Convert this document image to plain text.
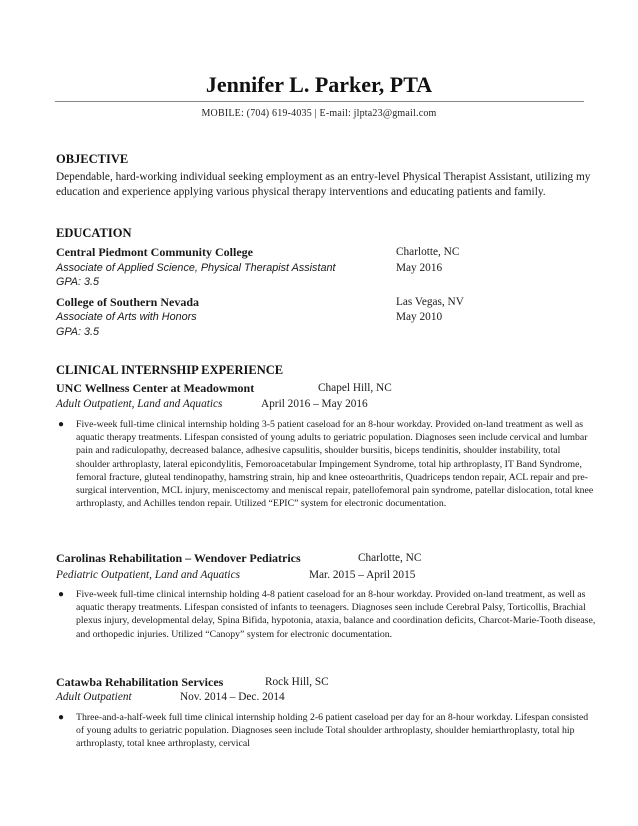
Jennifer L. Parker, PTA
MOBILE: (704) 619-4035 | E-mail: jlpta23@gmail.com
OBJECTIVE
Dependable, hard-working individual seeking employment as an entry-level Physical Therapist Assistant, utilizing my education and experience applying various physical therapy interventions and educating patients and family.
EDUCATION
Central Piedmont Community College	Charlotte, NC
Associate of Applied Science, Physical Therapist Assistant	May 2016
GPA: 3.5
College of Southern Nevada	Las Vegas, NV
Associate of Arts with Honors	May 2010
GPA: 3.5
CLINICAL INTERNSHIP EXPERIENCE
UNC Wellness Center at Meadowmont	Chapel Hill, NC
Adult Outpatient, Land and Aquatics	April 2016 – May 2016
● Five-week full-time clinical internship holding 3-5 patient caseload for an 8-hour workday. Provided on-land treatment as well as aquatic therapy treatments. Lifespan consisted of young adults to geriatric population. Diagnoses seen include cervical and lumbar pain and radiculopathy, decreased balance, adhesive capsulitis, shoulder bursitis, biceps tendinitis, shoulder instability, total shoulder arthroplasty, lateral epicondylitis, Femoroacetabular Impingement Syndrome, total hip arthroplasty, IT Band Syndrome, femoral fracture, gluteal tendinopathy, hamstring strain, hip and knee osteoarthritis, Quadriceps tendon repair, ACL repair and pre-surgical intervention, MCL injury, meniscectomy and meniscal repair, patellofemoral pain syndrome, patellar dislocation, total knee arthroplasty, and Achilles tendon repair. Utilized “EPIC” system for electronic documentation.
Carolinas Rehabilitation – Wendover Pediatrics	Charlotte, NC
Pediatric Outpatient, Land and Aquatics	Mar. 2015 – April 2015
● Five-week full-time clinical internship holding 4-8 patient caseload for an 8-hour workday. Provided on-land treatment, as well as aquatic therapy treatments. Lifespan consisted of infants to teenagers. Diagnoses seen include Cerebral Palsy, Torticollis, Brachial plexus injury, developmental delay, Spina Bifida, hypotonia, ataxia, balance and coordination deficits, Charcot-Marie-Tooth disease, and orthopedic injuries. Utilized “Canopy” system for electronic documentation.
Catawba Rehabilitation Services	Rock Hill, SC
Adult Outpatient	Nov. 2014 – Dec. 2014
● Three-and-a-half-week full time clinical internship holding 2-6 patient caseload per day for an 8-hour workday. Lifespan consisted of young adults to geriatric population. Diagnoses seen include Total shoulder arthroplasty, shoulder hemiarthroplasty, total hip arthroplasty, total knee arthroplasty, cervical
